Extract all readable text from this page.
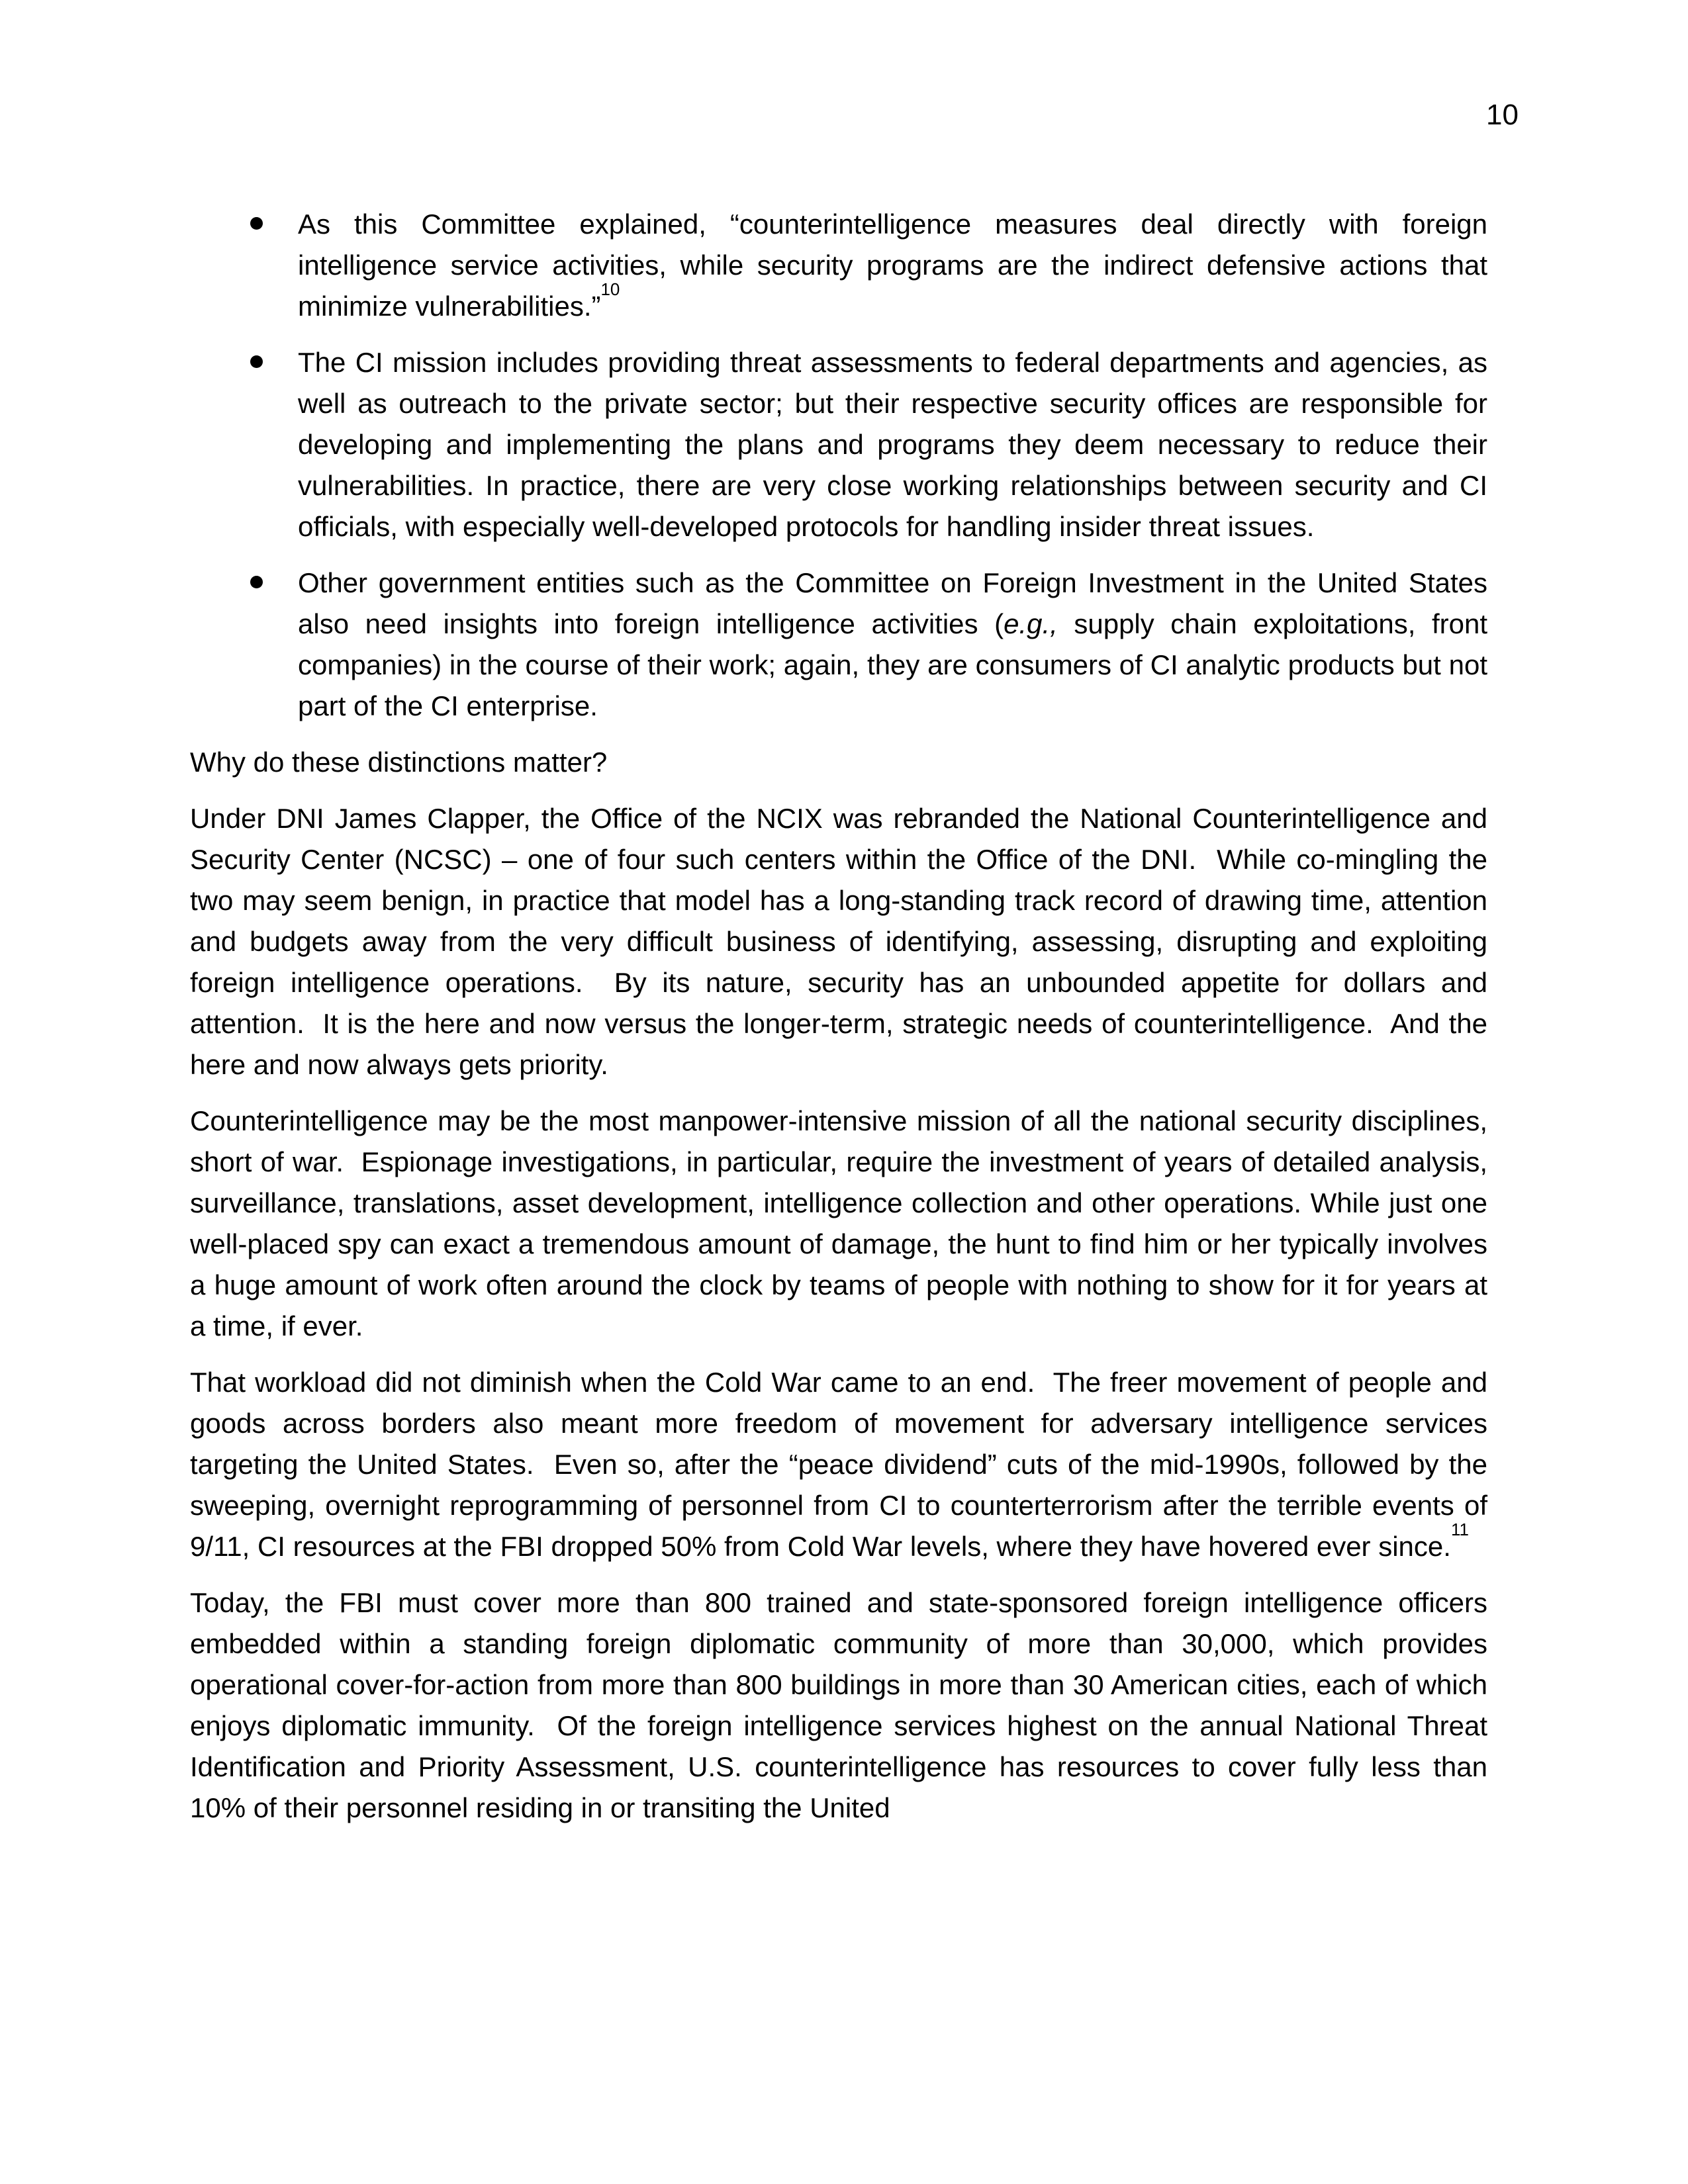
10
As this Committee explained, “counterintelligence measures deal directly with foreign intelligence service activities, while security programs are the indirect defensive actions that minimize vulnerabilities.”$^{10}$
The CI mission includes providing threat assessments to federal departments and agencies, as well as outreach to the private sector; but their respective security offices are responsible for developing and implementing the plans and programs they deem necessary to reduce their vulnerabilities. In practice, there are very close working relationships between security and CI officials, with especially well-developed protocols for handling insider threat issues.
Other government entities such as the Committee on Foreign Investment in the United States also need insights into foreign intelligence activities (e.g., supply chain exploitations, front companies) in the course of their work; again, they are consumers of CI analytic products but not part of the CI enterprise.
Why do these distinctions matter?
Under DNI James Clapper, the Office of the NCIX was rebranded the National Counterintelligence and Security Center (NCSC) – one of four such centers within the Office of the DNI.  While co-mingling the two may seem benign, in practice that model has a long-standing track record of drawing time, attention and budgets away from the very difficult business of identifying, assessing, disrupting and exploiting foreign intelligence operations.  By its nature, security has an unbounded appetite for dollars and attention.  It is the here and now versus the longer-term, strategic needs of counterintelligence.  And the here and now always gets priority.
Counterintelligence may be the most manpower-intensive mission of all the national security disciplines, short of war.  Espionage investigations, in particular, require the investment of years of detailed analysis, surveillance, translations, asset development, intelligence collection and other operations. While just one well-placed spy can exact a tremendous amount of damage, the hunt to find him or her typically involves a huge amount of work often around the clock by teams of people with nothing to show for it for years at a time, if ever.
That workload did not diminish when the Cold War came to an end.  The freer movement of people and goods across borders also meant more freedom of movement for adversary intelligence services targeting the United States.  Even so, after the “peace dividend” cuts of the mid-1990s, followed by the sweeping, overnight reprogramming of personnel from CI to counterterrorism after the terrible events of 9/11, CI resources at the FBI dropped 50% from Cold War levels, where they have hovered ever since.$^{11}$
Today, the FBI must cover more than 800 trained and state-sponsored foreign intelligence officers embedded within a standing foreign diplomatic community of more than 30,000, which provides operational cover-for-action from more than 800 buildings in more than 30 American cities, each of which enjoys diplomatic immunity.  Of the foreign intelligence services highest on the annual National Threat Identification and Priority Assessment, U.S. counterintelligence has resources to cover fully less than 10% of their personnel residing in or transiting the United
